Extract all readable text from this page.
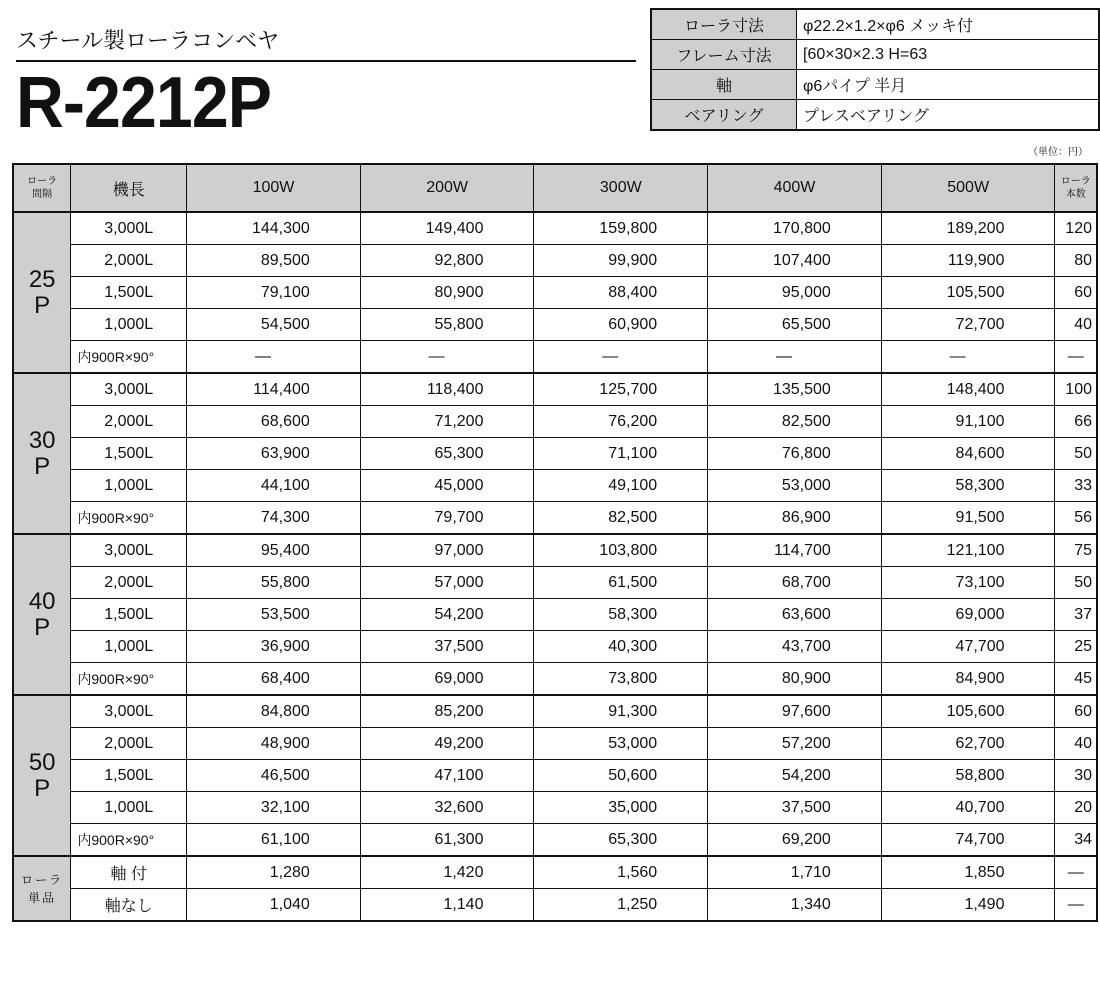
スチール製ローラコンベヤ
R-2212P
ローラ寸法	φ22.2×1.2×φ6 メッキ付
フレーム寸法	[60×30×2.3 H=63
軸	φ6パイプ 半月
ベアリング	プレスベアリング
（単位：円）
ローラ
間隔	機長	100W	200W	300W	400W	500W	ローラ
本数
25
P	3,000L	144,300	149,400	159,800	170,800	189,200	120
	2,000L	89,500	92,800	99,900	107,400	119,900	80
	1,500L	79,100	80,900	88,400	95,000	105,500	60
	1,000L	54,500	55,800	60,900	65,500	72,700	40
	内900R×90°	—	—	—	—	—	—
30
P	3,000L	114,400	118,400	125,700	135,500	148,400	100
	2,000L	68,600	71,200	76,200	82,500	91,100	66
	1,500L	63,900	65,300	71,100	76,800	84,600	50
	1,000L	44,100	45,000	49,100	53,000	58,300	33
	内900R×90°	74,300	79,700	82,500	86,900	91,500	56
40
P	3,000L	95,400	97,000	103,800	114,700	121,100	75
	2,000L	55,800	57,000	61,500	68,700	73,100	50
	1,500L	53,500	54,200	58,300	63,600	69,000	37
	1,000L	36,900	37,500	40,300	43,700	47,700	25
	内900R×90°	68,400	69,000	73,800	80,900	84,900	45
50
P	3,000L	84,800	85,200	91,300	97,600	105,600	60
	2,000L	48,900	49,200	53,000	57,200	62,700	40
	1,500L	46,500	47,100	50,600	54,200	58,800	30
	1,000L	32,100	32,600	35,000	37,500	40,700	20
	内900R×90°	61,100	61,300	65,300	69,200	74,700	34
ローラ
単品	軸 付	1,280	1,420	1,560	1,710	1,850	—
	軸なし	1,040	1,140	1,250	1,340	1,490	—
